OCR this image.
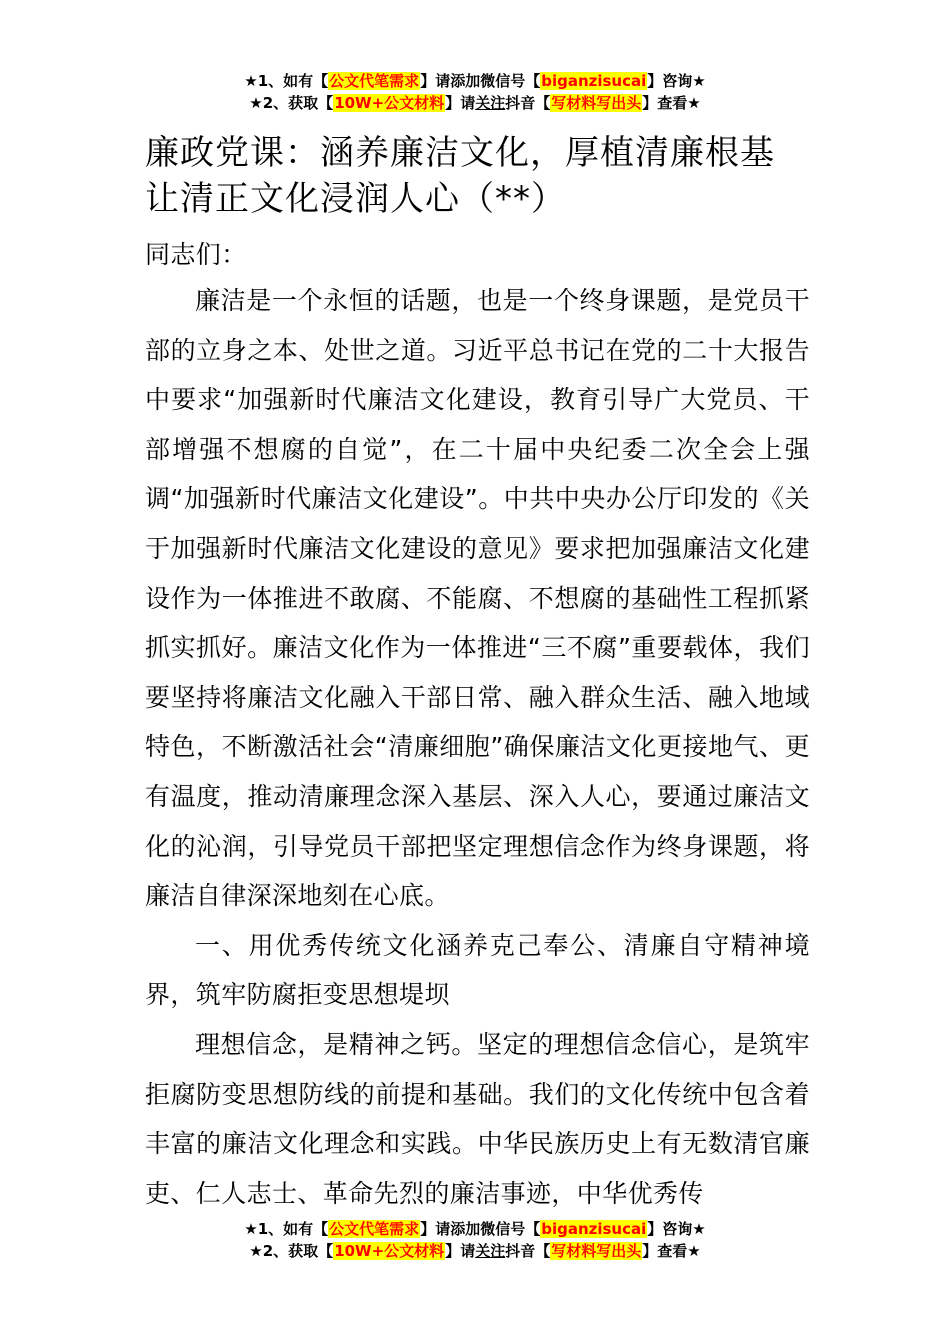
★1、如有【公文代笔需求】请添加微信号【biganzisucai】咨询★
★2、获取【10W+公文材料】请关注抖音【写材料写出头】查看★
廉政党课：涵养廉洁文化，厚植清廉根基
让清正文化浸润人心（**）
同志们：

廉洁是一个永恒的话题，也是一个终身课题，是党员干部的立身之本、处世之道。习近平总书记在党的二十大报告中要求“加强新时代廉洁文化建设，教育引导广大党员、干部增强不想腐的自觉”，在二十届中央纪委二次全会上强调“加强新时代廉洁文化建设”。中共中央办公厅印发的《关于加强新时代廉洁文化建设的意见》要求把加强廉洁文化建设作为一体推进不敢腐、不能腐、不想腐的基础性工程抓紧抓实抓好。廉洁文化作为一体推进“三不腐”重要载体，我们要坚持将廉洁文化融入干部日常、融入群众生活、融入地域特色，不断激活社会“清廉细胞”确保廉洁文化更接地气、更有温度，推动清廉理念深入基层、深入人心，要通过廉洁文化的沁润，引导党员干部把坚定理想信念作为终身课题，将廉洁自律深深地刻在心底。

一、用优秀传统文化涵养克己奉公、清廉自守精神境界，筑牢防腐拒变思想堤坝

理想信念，是精神之钙。坚定的理想信念信心，是筑牢拒腐防变思想防线的前提和基础。我们的文化传统中包含着丰富的廉洁文化理念和实践。中华民族历史上有无数清官廉吏、仁人志士、革命先烈的廉洁事迹，中华优秀传

★1、如有【公文代笔需求】请添加微信号【biganzisucai】咨询★
★2、获取【10W+公文材料】请关注抖音【写材料写出头】查看★
